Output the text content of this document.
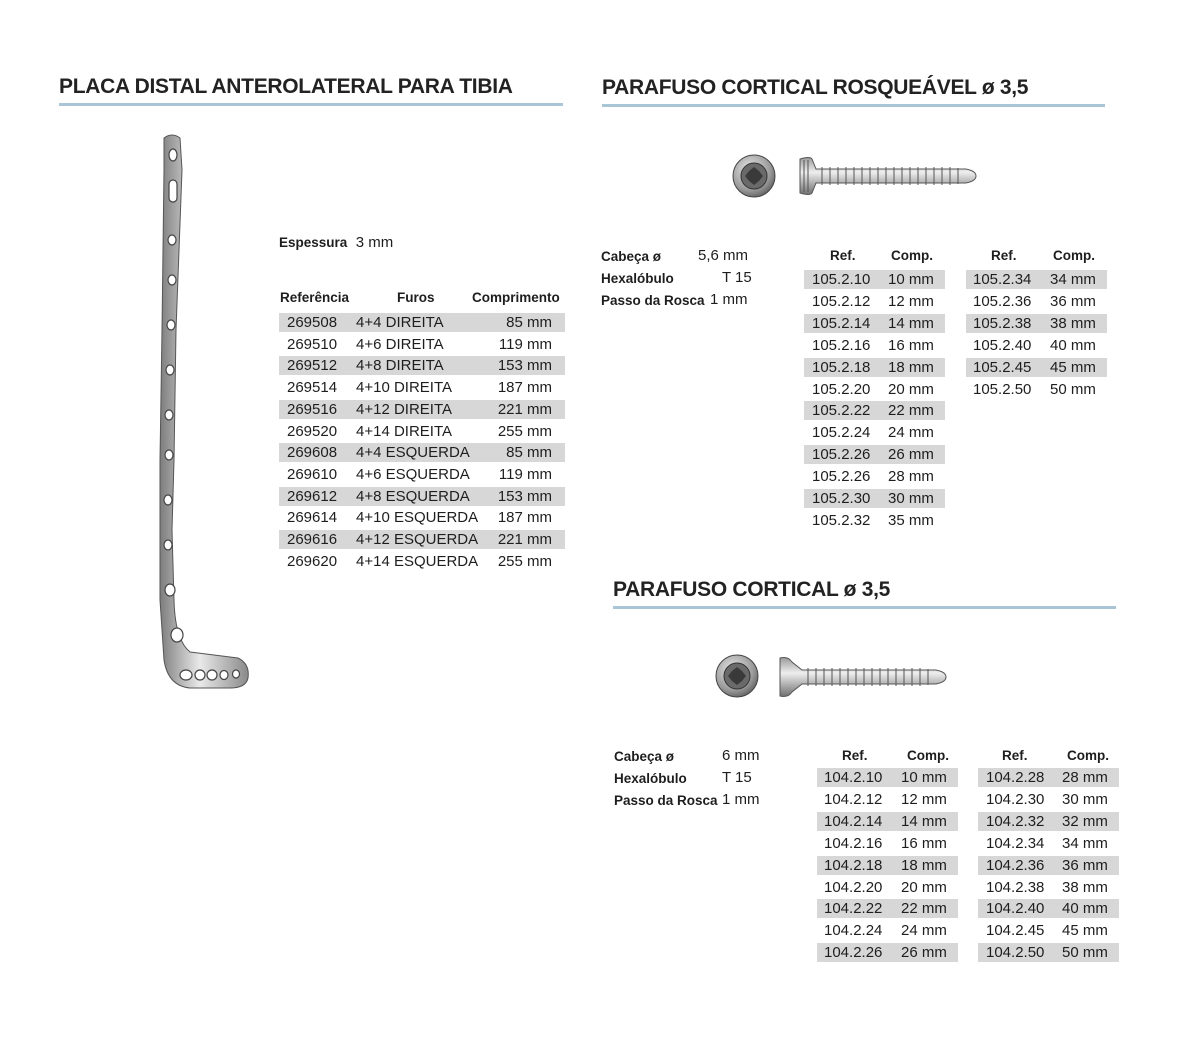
PLACA DISTAL ANTEROLATERAL PARA TIBIA
Espessura 3 mm
Referência	Furos	Comprimento
269508 4+4 DIREITA	85 mm
269510 4+6 DIREITA	119 mm
269512 4+8 DIREITA	153 mm
269514 4+10 DIREITA	187 mm
269516 4+12 DIREITA	221 mm
269520 4+14 DIREITA	255 mm
269608 4+4 ESQUERDA 85 mm
269610 4+6 ESQUERDA 119 mm
269612 4+8 ESQUERDA 153 mm
269614 4+10 ESQUERDA 187 mm
269616 4+12 ESQUERDA 221 mm
269620 4+14 ESQUERDA 255 mm
PARAFUSO CORTICAL ROSQUEÁVEL ø 3,5
Cabeça ø 5,6 mm
Hexalóbulo	T 15
Passo da Rosca 1 mm
Ref.	Comp.	Ref.	Comp.
105.2.10 10 mm
105.2.12 12 mm
105.2.14 14 mm
105.2.16 16 mm
105.2.18 18 mm
105.2.20 20 mm
105.2.22 22 mm
105.2.24 24 mm
105.2.26 26 mm
105.2.26 28 mm
105.2.30 30 mm
105.2.32 35 mm
105.2.34 34 mm
105.2.36 36 mm
105.2.38 38 mm
105.2.40 40 mm
105.2.45 45 mm
105.2.50 50 mm
PARAFUSO CORTICAL ø 3,5
Cabeça ø	6 mm
Hexalóbulo T 15
Passo da Rosca 1 mm
Ref.	Comp.	Ref.	Comp.
104.2.10 10 mm
104.2.12 12 mm
104.2.14 14 mm
104.2.16 16 mm
104.2.18 18 mm
104.2.20 20 mm
104.2.22 22 mm
104.2.24 24 mm
104.2.26 26 mm
104.2.28 28 mm
104.2.30 30 mm
104.2.32 32 mm
104.2.34 34 mm
104.2.36 36 mm
104.2.38 38 mm
104.2.40 40 mm
104.2.45 45 mm
104.2.50 50 mm
